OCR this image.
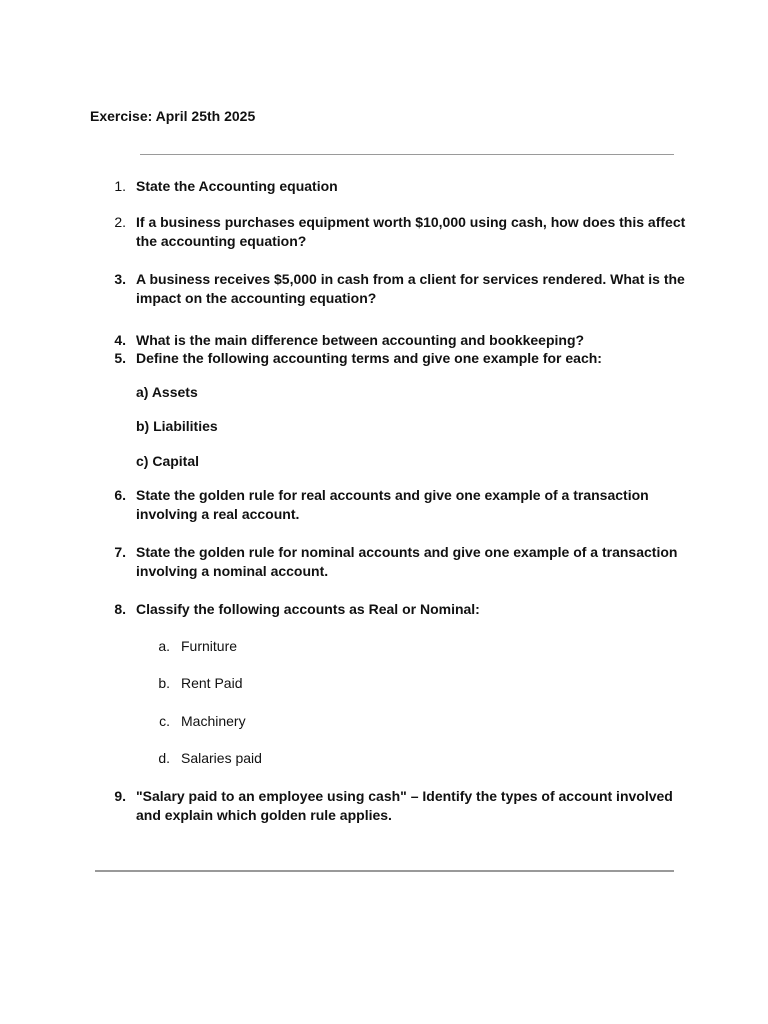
Exercise: April 25th 2025
1. State the Accounting equation
2. If a business purchases equipment worth $10,000 using cash, how does this affect the accounting equation?
3. A business receives $5,000 in cash from a client for services rendered. What is the impact on the accounting equation?
4. What is the main difference between accounting and bookkeeping?
5. Define the following accounting terms and give one example for each:
a) Assets
b) Liabilities
c) Capital
6. State the golden rule for real accounts and give one example of a transaction involving a real account.
7. State the golden rule for nominal accounts and give one example of a transaction involving a nominal account.
8. Classify the following accounts as Real or Nominal:
a. Furniture
b. Rent Paid
c. Machinery
d. Salaries paid
9. "Salary paid to an employee using cash" – Identify the types of account involved and explain which golden rule applies.
